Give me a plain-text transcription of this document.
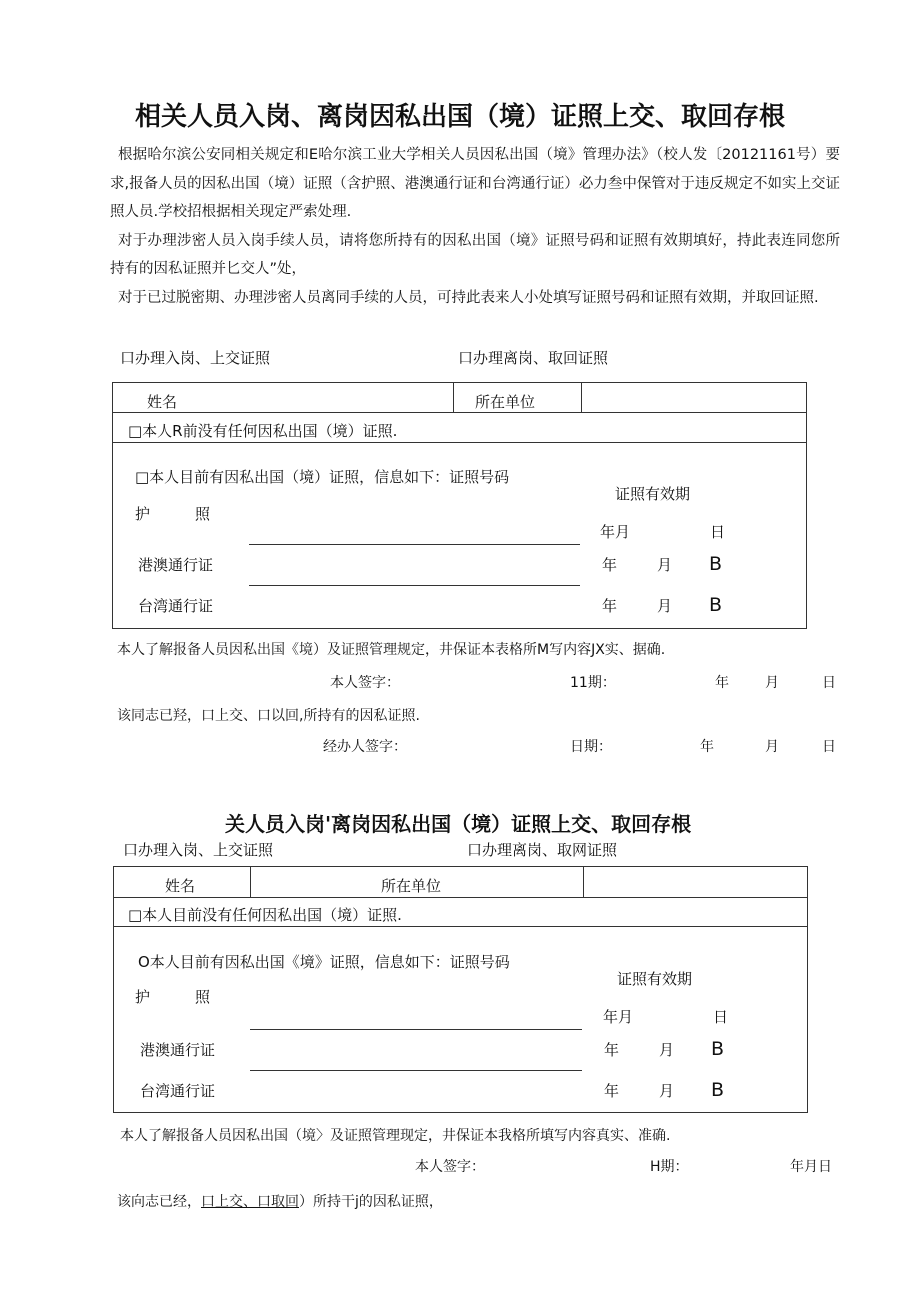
相关人员入岗、离岗因私出国（境）证照上交、取回存根

根据哈尔滨公安同相关规定和E哈尔滨工业大学相关人员因私出国（境》管理办法》（校人发〔20121161号）要求,报备人员的因私出国（境）证照（含护照、港澳通行证和台湾通行证）必力叁中保管对于违反规定不如实上交证照人员.学校招根据相关现定严索处理.

对于办理涉密人员入岗手续人员，请将您所持有的因私出国（境》证照号码和证照有效期填好，持此表连同您所持有的因私证照并匕交人”处，

对于已过脱密期、办理涉密人员离同手续的人员，可持此表来人小处填写证照号码和证照有效期，并取回证照.

口办理入岗、上交证照	口办理离岗、取回证照
姓名	所在单位
□本人R前没有任何因私出国（境）证照.
□本人目前有因私出国（境）证照，信息如下：证照号码
证照有效期
护　　　照
年月	日
港澳通行证	年	月 B
台湾通行证	年	月 B
本人了解报备人员因私出国《境）及证照管理规定，井保证本表格所M写内容JX实、据确.
本人签字：	11期：	年	月	日
该同志已羟，口上交、口以回,所持有的因私证照.
经办人签字：	日期：	年	月	日
关人员入岗'离岗因私出国（境）证照上交、取回存根
口办理入岗、上交证照	口办理离岗、取网证照
姓名	所在单位
□本人目前没有任何因私出国（境）证照.
O本人目前有因私出国《境》证照，信息如下：证照号码
证照有效期
护　　　照
年月	日
港澳通行证	年	月 B
台湾通行证	年	月 B
本人了解报备人员因私出国（境〉及证照管理现定，井保证本我格所填写内容真实、准确.
本人签字：	H期：	年月日
该向志已经，口上交、口取回）所持干j的因私证照，
